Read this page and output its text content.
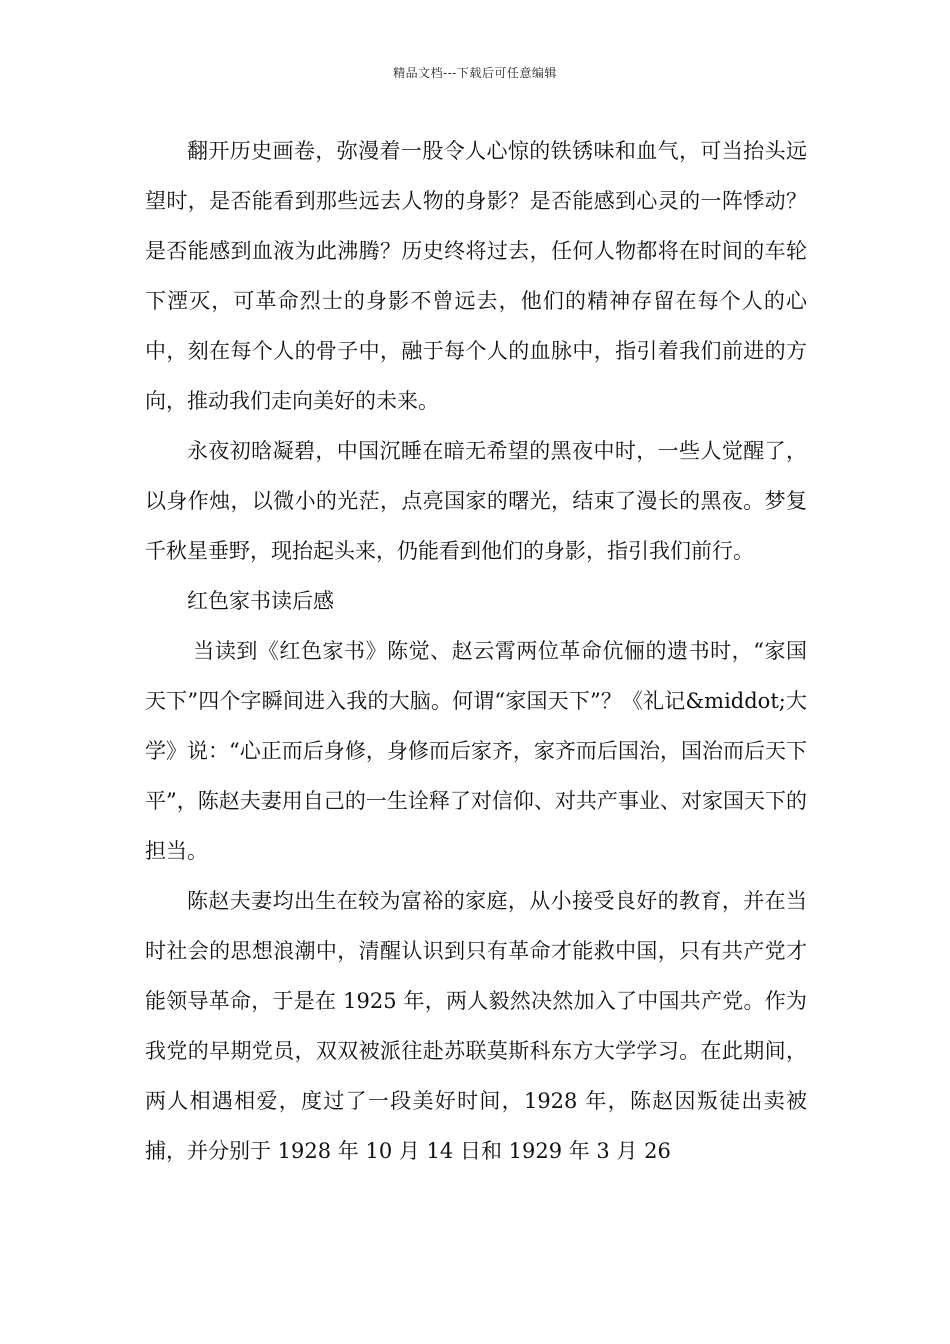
精品文档---下载后可任意编辑

翻开历史画卷，弥漫着一股令人心惊的铁锈味和血气，可当抬头远望时，是否能看到那些远去人物的身影？是否能感到心灵的一阵悸动？是否能感到血液为此沸腾？历史终将过去，任何人物都将在时间的车轮下湮灭，可革命烈士的身影不曾远去，他们的精神存留在每个人的心中，刻在每个人的骨子中，融于每个人的血脉中，指引着我们前进的方向，推动我们走向美好的未来。

永夜初晗凝碧，中国沉睡在暗无希望的黑夜中时，一些人觉醒了，以身作烛，以微小的光茫，点亮国家的曙光，结束了漫长的黑夜。梦复千秋星垂野，现抬起头来，仍能看到他们的身影，指引我们前行。

红色家书读后感

当读到《红色家书》陈觉、赵云霄两位革命伉俪的遗书时，“家国天下”四个字瞬间进入我的大脑。何谓“家国天下”？《礼记&middot;大学》说：“心正而后身修，身修而后家齐，家齐而后国治，国治而后天下平”，陈赵夫妻用自己的一生诠释了对信仰、对共产事业、对家国天下的担当。

陈赵夫妻均出生在较为富裕的家庭，从小接受良好的教育，并在当时社会的思想浪潮中，清醒认识到只有革命才能救中国，只有共产党才能领导革命，于是在 1925 年，两人毅然决然加入了中国共产党。作为我党的早期党员，双双被派往赴苏联莫斯科东方大学学习。在此期间，两人相遇相爱，度过了一段美好时间，1928 年，陈赵因叛徒出卖被捕，并分别于 1928 年 10 月 14 日和 1929 年 3 月 26
